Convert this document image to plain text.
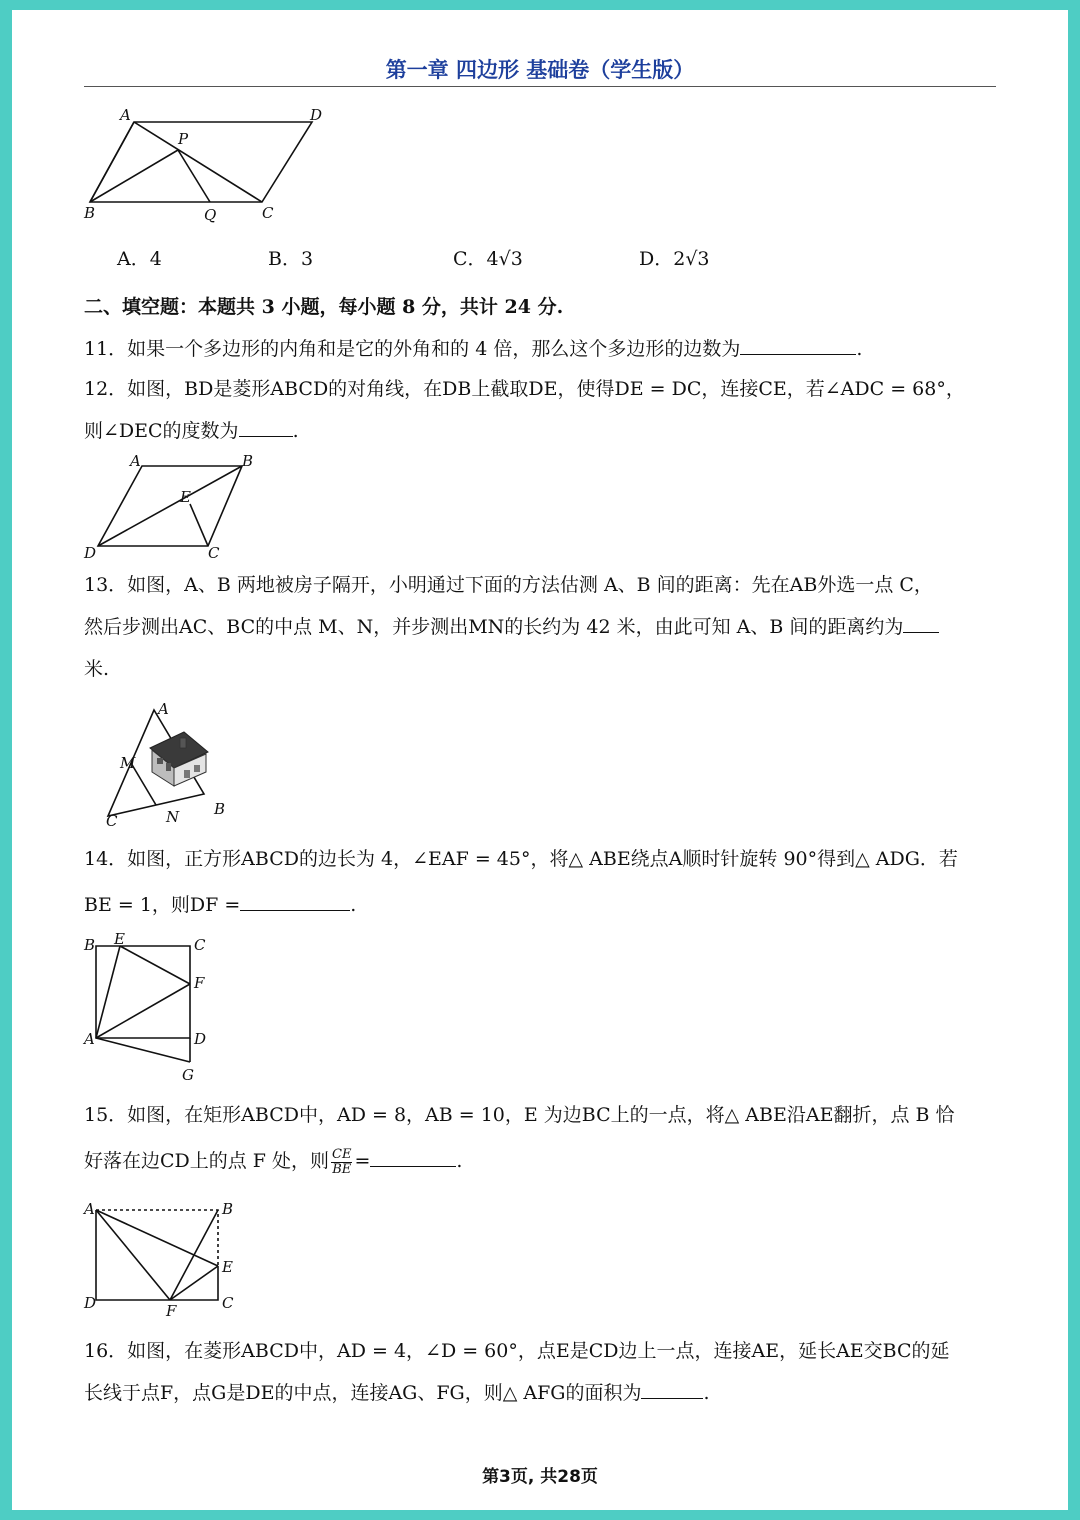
第一章 四边形 基础卷（学生版）
A	D
P
B	Q	C
A．4	B．3	C．4√3	D．2√3
二、填空题：本题共 3 小题，每小题 8 分，共计 24 分.
11．如果一个多边形的内角和是它的外角和的 4 倍，那么这个多边形的边数为	.
12．如图，BD是菱形ABCD的对角线，在DB上截取DE，使得DE = DC，连接CE，若∠ADC = 68°，
则∠DEC的度数为	.
A	B
E
D	C
13．如图，A、B 两地被房子隔开，小明通过下面的方法估测 A、B 间的距离：先在AB外选一点 C，
然后步测出AC、BC的中点 M、N，并步测出MN的长约为 42 米，由此可知 A、B 间的距离约为
米.
A
M
C	N B
14．如图，正方形ABCD的边长为 4，∠EAF = 45°，将△ ABE绕点A顺时针旋转 90°得到△ ADG．若
BE = 1，则DF =	.
B E	C
F
A	D
G
15．如图，在矩形ABCD中，AD = 8，AB = 10，E 为边BC上的一点，将△ ABE沿AE翻折，点 B 恰
好落在边CD上的点 F 处，则 $\frac{CE}{BE}$ =	.
A	B
E
D	F	C
16．如图，在菱形ABCD中，AD = 4，∠D = 60°，点E是CD边上一点，连接AE，延长AE交BC的延
长线于点F，点G是DE的中点，连接AG、FG，则△ AFG的面积为	.
第3页, 共28页
